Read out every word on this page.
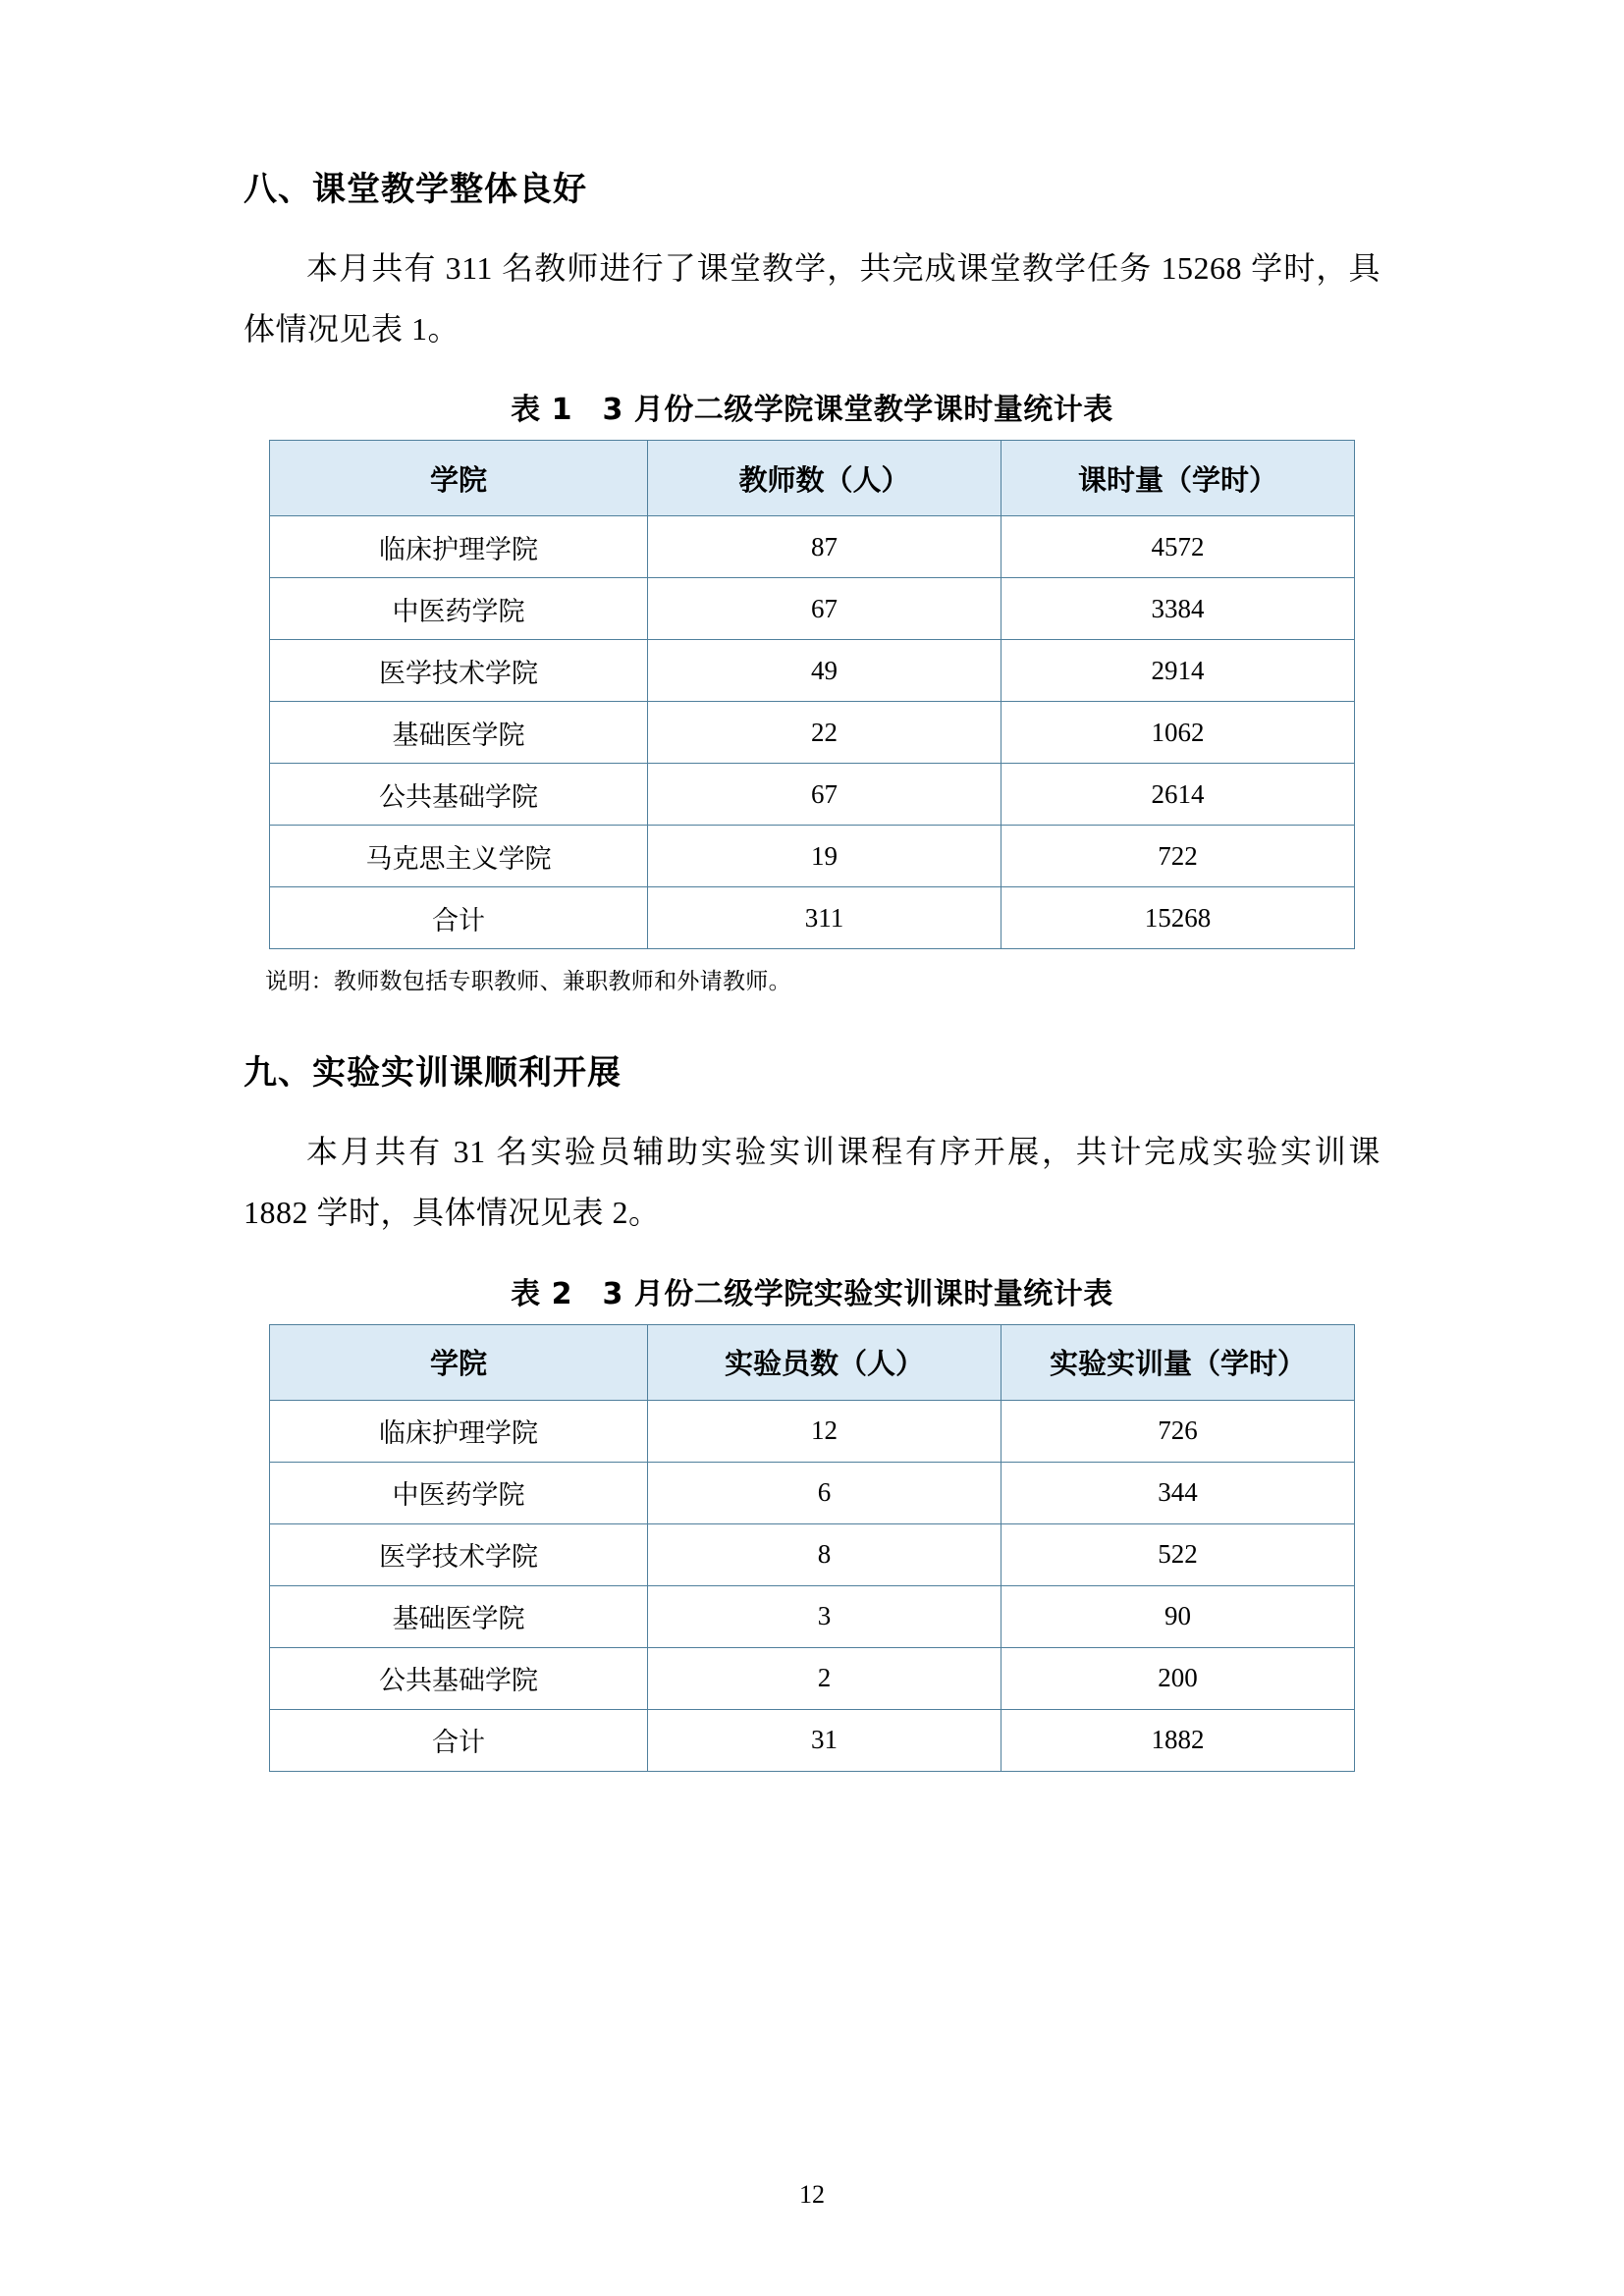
八、课堂教学整体良好

本月共有 311 名教师进行了课堂教学，共完成课堂教学任务 15268 学时，具体情况见表 1。

表 1　3 月份二级学院课堂教学课时量统计表
学院	教师数（人）	课时量（学时）
临床护理学院	87	4572
中医药学院	67	3384
医学技术学院	49	2914
基础医学院	22	1062
公共基础学院	67	2614
马克思主义学院	19	722
合计	311	15268
说明：教师数包括专职教师、兼职教师和外请教师。
九、实验实训课顺利开展

本月共有 31 名实验员辅助实验实训课程有序开展，共计完成实验实训课 1882 学时，具体情况见表 2。

表 2　3 月份二级学院实验实训课时量统计表
学院	实验员数（人）	实验实训量（学时）
临床护理学院	12	726
中医药学院	6	344
医学技术学院	8	522
基础医学院	3	90
公共基础学院	2	200
合计	31	1882
12
